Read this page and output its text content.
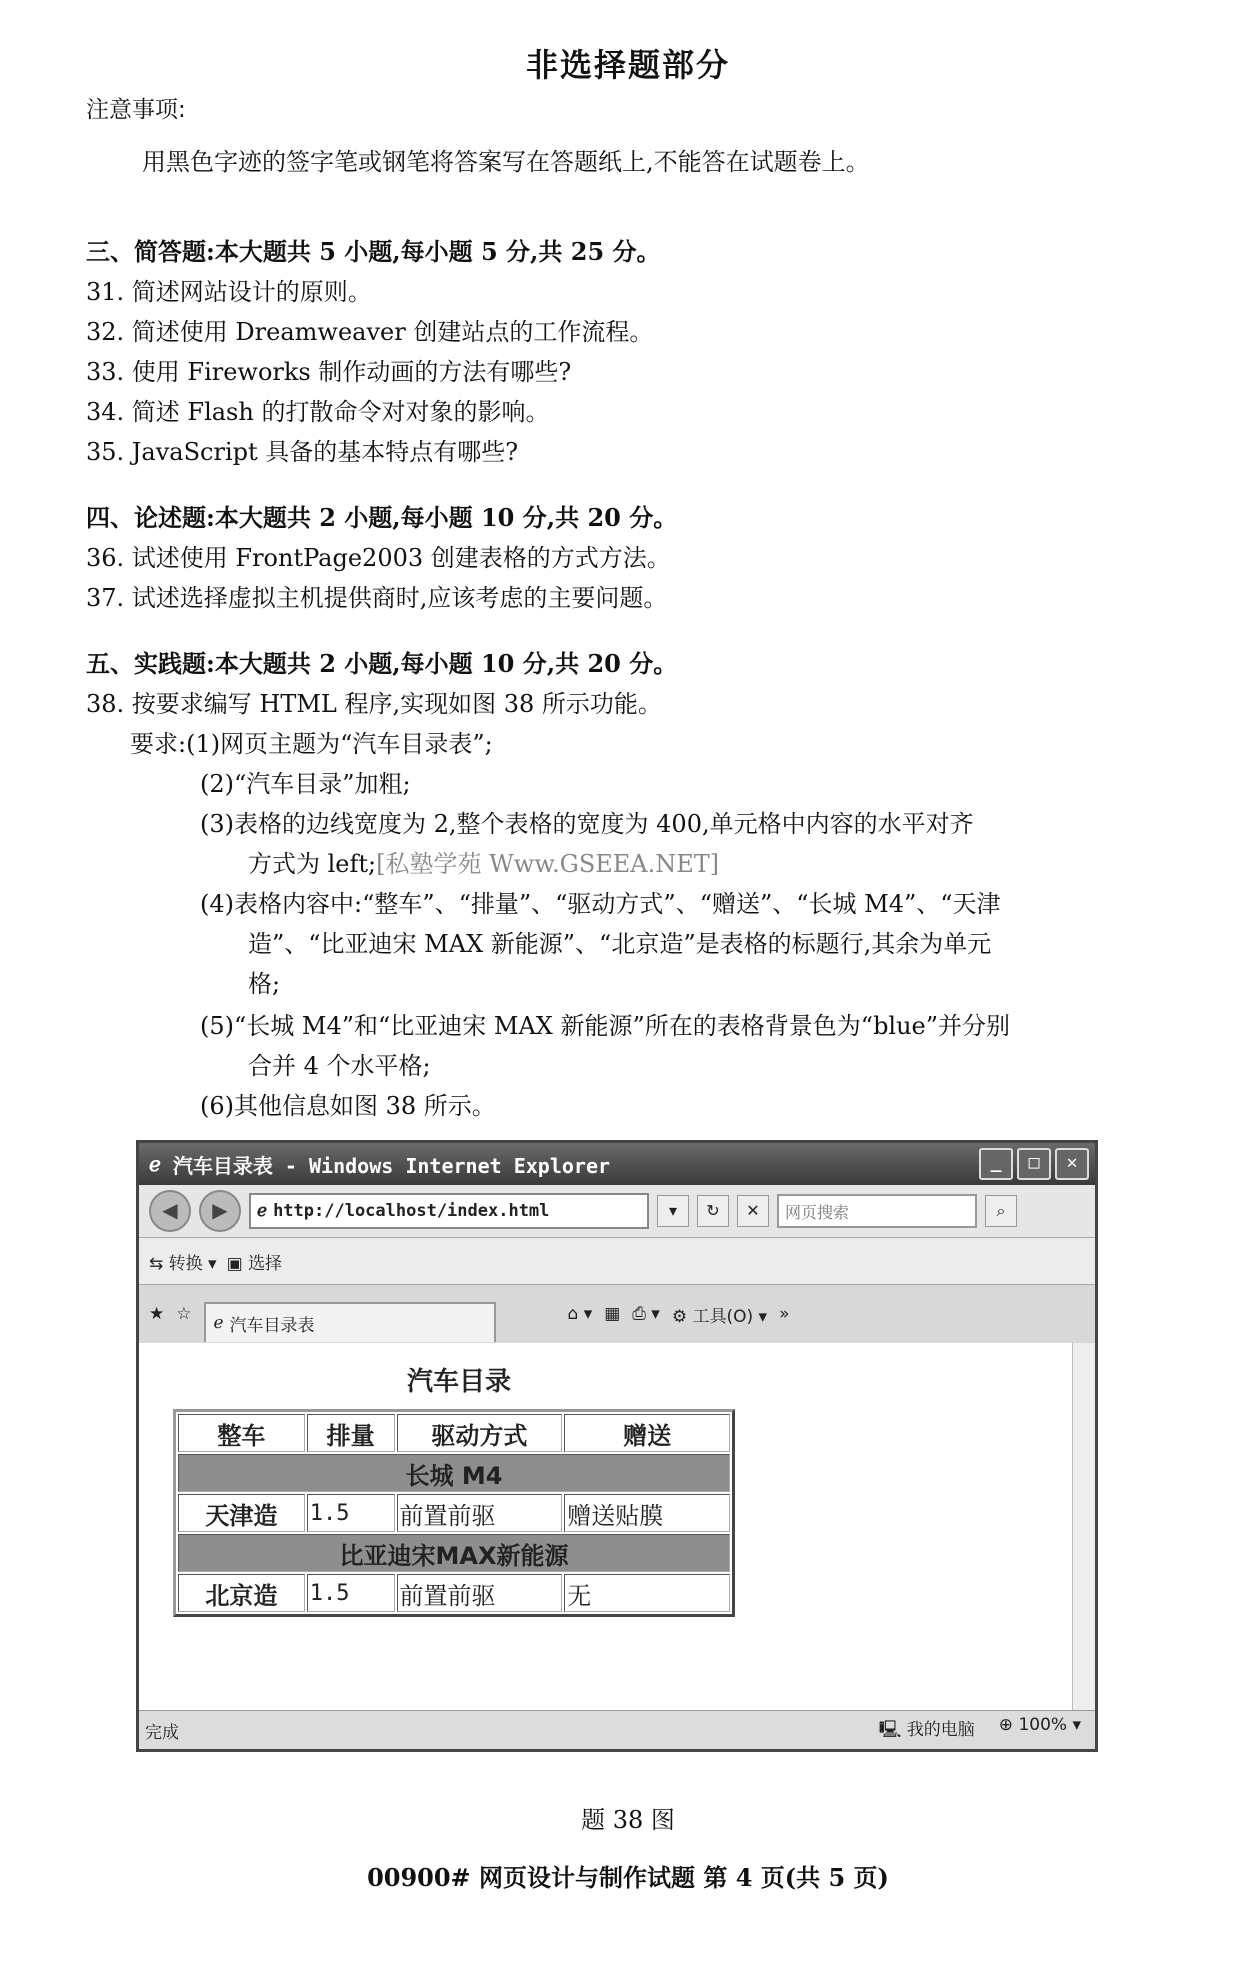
非选择题部分
注意事项:
用黑色字迹的签字笔或钢笔将答案写在答题纸上,不能答在试题卷上。
三、简答题:本大题共 5 小题,每小题 5 分,共 25 分。
31. 简述网站设计的原则。
32. 简述使用 Dreamweaver 创建站点的工作流程。
33. 使用 Fireworks 制作动画的方法有哪些?
34. 简述 Flash 的打散命令对对象的影响。
35. JavaScript 具备的基本特点有哪些?
四、论述题:本大题共 2 小题,每小题 10 分,共 20 分。
36. 试述使用 FrontPage2003 创建表格的方式方法。
37. 试述选择虚拟主机提供商时,应该考虑的主要问题。
五、实践题:本大题共 2 小题,每小题 10 分,共 20 分。
38. 按要求编写 HTML 程序,实现如图 38 所示功能。
要求:(1)网页主题为“汽车目录表”;
(2)“汽车目录”加粗;
(3)表格的边线宽度为 2,整个表格的宽度为 400,单元格中内容的水平对齐
方式为 left;[私塾学苑 Www.GSEEA.NET]
(4)表格内容中:“整车”、“排量”、“驱动方式”、“赠送”、“长城 M4”、“天津
造”、“比亚迪宋 MAX 新能源”、“北京造”是表格的标题行,其余为单元
格;
(5)“长城 M4”和“比亚迪宋 MAX 新能源”所在的表格背景色为“blue”并分别
合并 4 个水平格;
(6)其他信息如图 38 所示。
ℯ 汽车目录表 - Windows Internet Explorer	_	□	✕
◀	▶	ℯ http://localhost/index.html	▾	↻	✕	网页搜索	⌕
⇆ 转换 ▾ ▣ 选择
★ ☆ ℯ 汽车目录表
⌂ ▾ ▦ ⎙ ▾ ⚙ 工具(O) ▾ »
汽车目录
整车	排量	驱动方式	赠送
长城 M4			
天津造	1.5	前置前驱	赠送贴膜
比亚迪宋MAX新能源			
北京造	1.5	前置前驱	无
完成	🖳 我的电脑 ⊕ 100% ▾
题 38 图
00900# 网页设计与制作试题 第 4 页(共 5 页)
